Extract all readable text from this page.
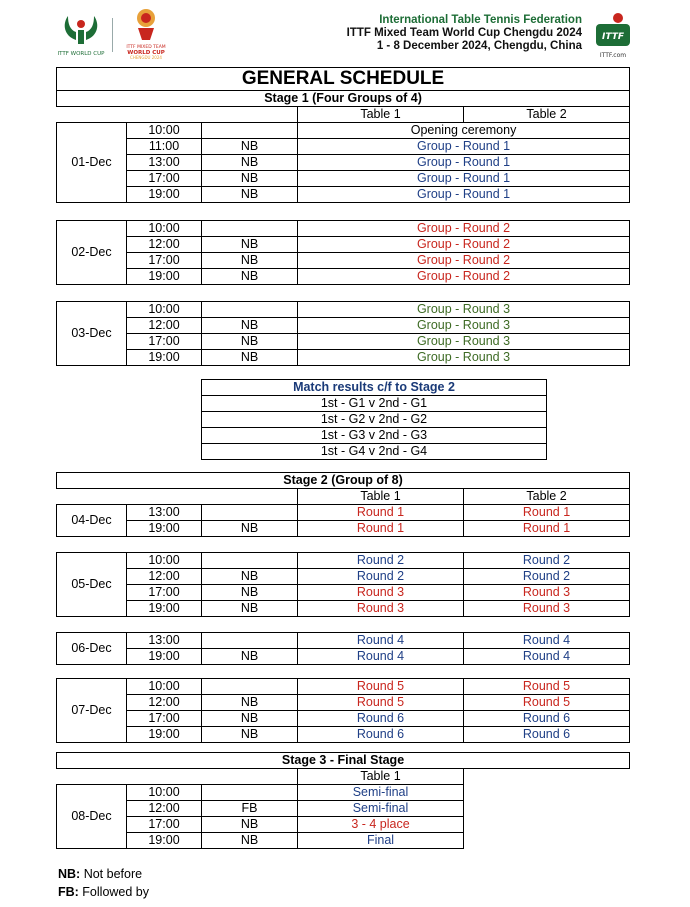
ITTF WORLD CUP
ITTF MIXED TEAM
WORLD CUP
CHENGDU 2024
International Table Tennis Federation
ITTF Mixed Team World Cup Chengdu 2024
1 - 8 December 2024, Chengdu, China
ITTF
ITTF.com
GENERAL SCHEDULE				
Stage 1 (Four Groups of 4)				
			Table 1	Table 2
01-Dec	10:00		Opening ceremony	
	11:00	NB	Group - Round 1	
	13:00	NB	Group - Round 1	
	17:00	NB	Group - Round 1	
	19:00	NB	Group - Round 1	
02-Dec	10:00		Group - Round 2
	12:00	NB	Group - Round 2
	17:00	NB	Group - Round 2
	19:00	NB	Group - Round 2
03-Dec	10:00		Group - Round 3
	12:00	NB	Group - Round 3
	17:00	NB	Group - Round 3
	19:00	NB	Group - Round 3
Match results c/f to Stage 2
1st - G1 v 2nd - G1
1st - G2 v 2nd - G2
1st - G3 v 2nd - G3
1st - G4 v 2nd - G4
Stage 2 (Group of 8)				
			Table 1	Table 2
04-Dec	13:00		Round 1	Round 1
	19:00	NB	Round 1	Round 1
05-Dec	10:00		Round 2	Round 2
	12:00	NB	Round 2	Round 2
	17:00	NB	Round 3	Round 3
	19:00	NB	Round 3	Round 3
06-Dec	13:00		Round 4	Round 4
	19:00	NB	Round 4	Round 4
07-Dec	10:00		Round 5	Round 5
	12:00	NB	Round 5	Round 5
	17:00	NB	Round 6	Round 6
	19:00	NB	Round 6	Round 6
Stage 3 - Final Stage				
			Table 1	
08-Dec	10:00		Semi-final	
	12:00	FB	Semi-final	
	17:00	NB	3 - 4 place	
	19:00	NB	Final	
NB: Not before
FB: Followed by
